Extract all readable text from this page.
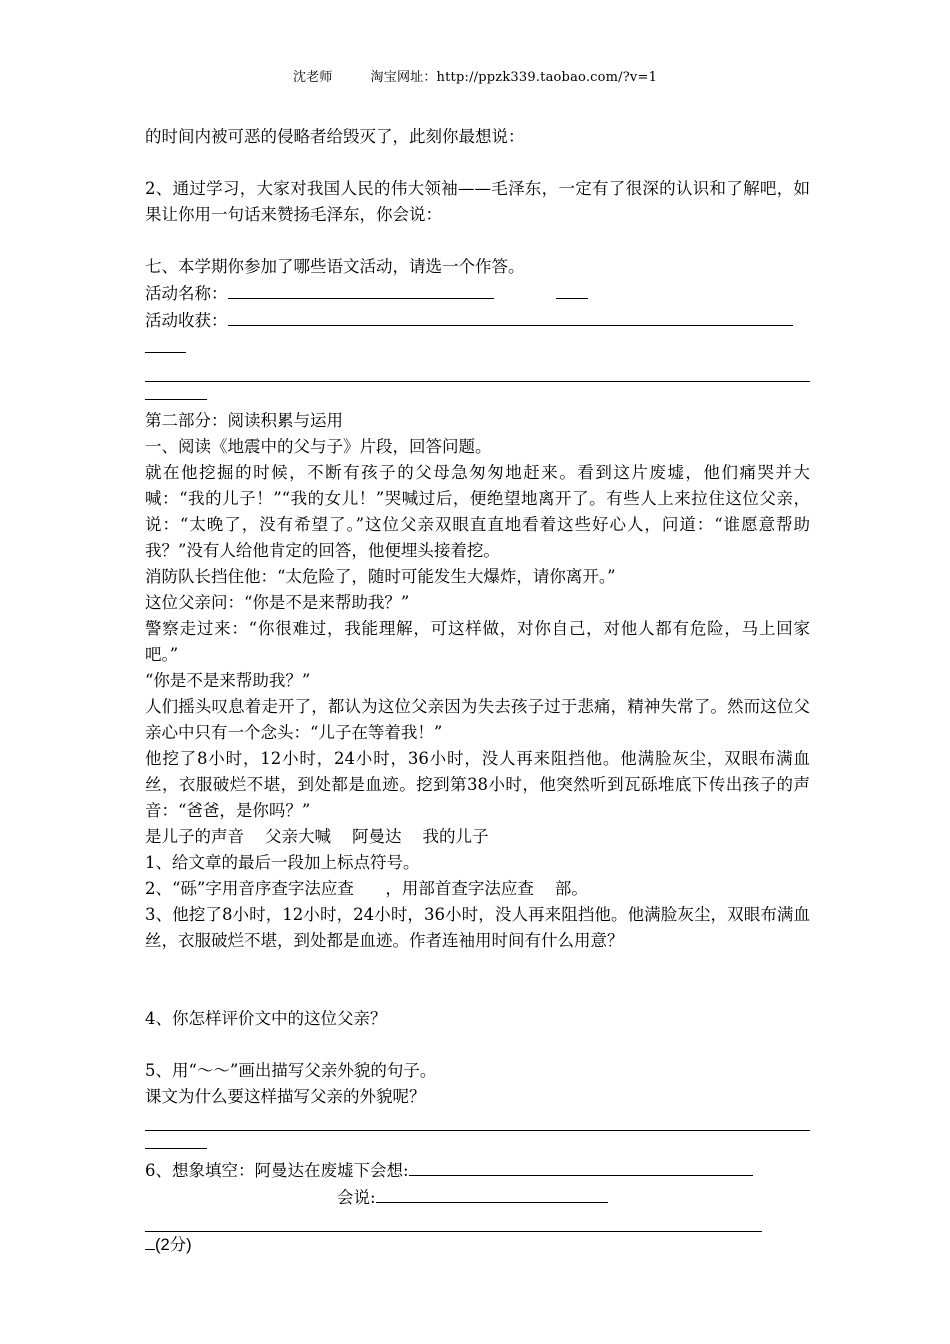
沈老师	淘宝网址：http://ppzk339.taobao.com/?v=1

的时间内被可恶的侵略者给毁灭了，此刻你最想说：

2、通过学习，大家对我国人民的伟大领袖——毛泽东，一定有了很深的认识和了解吧，如果让你用一句话来赞扬毛泽东，你会说：

七、本学期你参加了哪些语文活动，请选一个作答。

活动名称：

活动收获：

第二部分：阅读积累与运用

一、阅读《地震中的父与子》片段，回答问题。

就在他挖掘的时候，不断有孩子的父母急匆匆地赶来。看到这片废墟，他们痛哭并大喊：“我的儿子！”“我的女儿！”哭喊过后，便绝望地离开了。有些人上来拉住这位父亲，说：“太晚了，没有希望了。”这位父亲双眼直直地看着这些好心人，问道：“谁愿意帮助我？”没有人给他肯定的回答，他便埋头接着挖。

消防队长挡住他：“太危险了，随时可能发生大爆炸，请你离开。”

这位父亲问：“你是不是来帮助我？”

警察走过来：“你很难过，我能理解，可这样做，对你自己，对他人都有危险，马上回家吧。”

“你是不是来帮助我？”

人们摇头叹息着走开了，都认为这位父亲因为失去孩子过于悲痛，精神失常了。然而这位父亲心中只有一个念头：“儿子在等着我！”

他挖了8小时，12小时，24小时，36小时，没人再来阻挡他。他满脸灰尘，双眼布满血丝，衣服破烂不堪，到处都是血迹。挖到第38小时，他突然听到瓦砾堆底下传出孩子的声音：“爸爸，是你吗？”

是儿子的声音    父亲大喊    阿曼达    我的儿子

1、给文章的最后一段加上标点符号。

2、“砾”字用音序查字法应查      ，用部首查字法应查    部。

3、他挖了8小时，12小时，24小时，36小时，没人再来阻挡他。他满脸灰尘，双眼布满血丝，衣服破烂不堪，到处都是血迹。作者连袖用时间有什么用意？

4、你怎样评价文中的这位父亲？

5、用“～～”画出描写父亲外貌的句子。

课文为什么要这样描写父亲的外貌呢？

6、想象填空：阿曼达在废墟下会想:

会说:

(2分)
